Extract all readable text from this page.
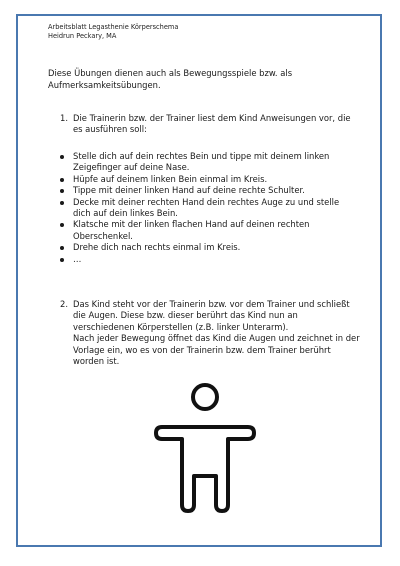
Arbeitsblatt Legasthenie Körperschema
Heidrun Peckary, MA
Diese Übungen dienen auch als Bewegungsspiele bzw. als Aufmerksamkeitsübungen.
1. Die Trainerin bzw. der Trainer liest dem Kind Anweisungen vor, die es ausführen soll:
Stelle dich auf dein rechtes Bein und tippe mit deinem linken Zeigefinger auf deine Nase.
Hüpfe auf deinem linken Bein einmal im Kreis.
Tippe mit deiner linken Hand auf deine rechte Schulter.
Decke mit deiner rechten Hand dein rechtes Auge zu und stelle dich auf dein linkes Bein.
Klatsche mit der linken flachen Hand auf deinen rechten Oberschenkel.
Drehe dich nach rechts einmal im Kreis.
…
2. Das Kind steht vor der Trainerin bzw. vor dem Trainer und schließt die Augen. Diese bzw. dieser berührt das Kind nun an verschiedenen Körperstellen (z.B. linker Unterarm).
Nach jeder Bewegung öffnet das Kind die Augen und zeichnet in der Vorlage ein, wo es von der Trainerin bzw. dem Trainer berührt worden ist.
